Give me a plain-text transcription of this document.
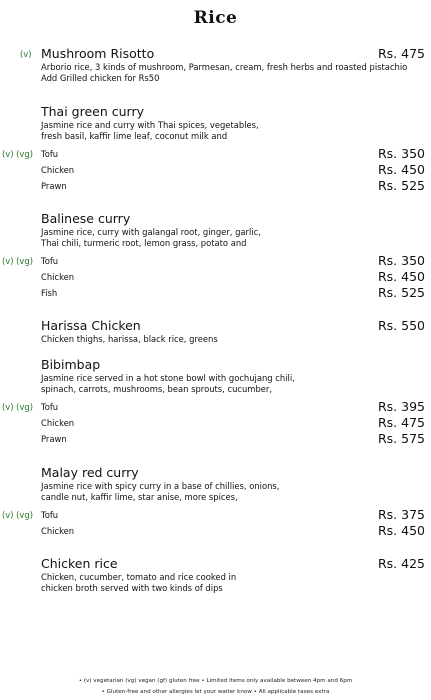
Rice
(v) Mushroom Risotto	Rs. 475
Arborio rice, 3 kinds of mushroom, Parmesan, cream, fresh herbs and roasted pistachio
Add Grilled chicken for Rs50
Thai green curry
Jasmine rice and curry with Thai spices, vegetables,
fresh basil, kaffir lime leaf, coconut milk and
(v) (vg) Tofu	Rs. 350
Chicken	Rs. 450
Prawn	Rs. 525
Balinese curry
Jasmine rice, curry with galangal root, ginger, garlic,
Thai chili, turmeric root, lemon grass, potato and
(v) (vg) Tofu	Rs. 350
Chicken	Rs. 450
Fish	Rs. 525
Harissa Chicken	Rs. 550
Chicken thighs, harissa, black rice, greens
Bibimbap
Jasmine rice served in a hot stone bowl with gochujang chili,
spinach, carrots, mushrooms, bean sprouts, cucumber,
(v) (vg) Tofu	Rs. 395
Chicken	Rs. 475
Prawn	Rs. 575
Malay red curry
Jasmine rice with spicy curry in a base of chillies, onions,
candle nut, kaffir lime, star anise, more spices,
(v) (vg) Tofu	Rs. 375
Chicken	Rs. 450
Chicken rice	Rs. 425
Chicken, cucumber, tomato and rice cooked in
chicken broth served with two kinds of dips
• (v) vegetarian (vg) vegan (gf) gluten free • Limited items only available between 4pm and 6pm
• Gluten-free and other allergies let your waiter know • All applicable taxes extra
